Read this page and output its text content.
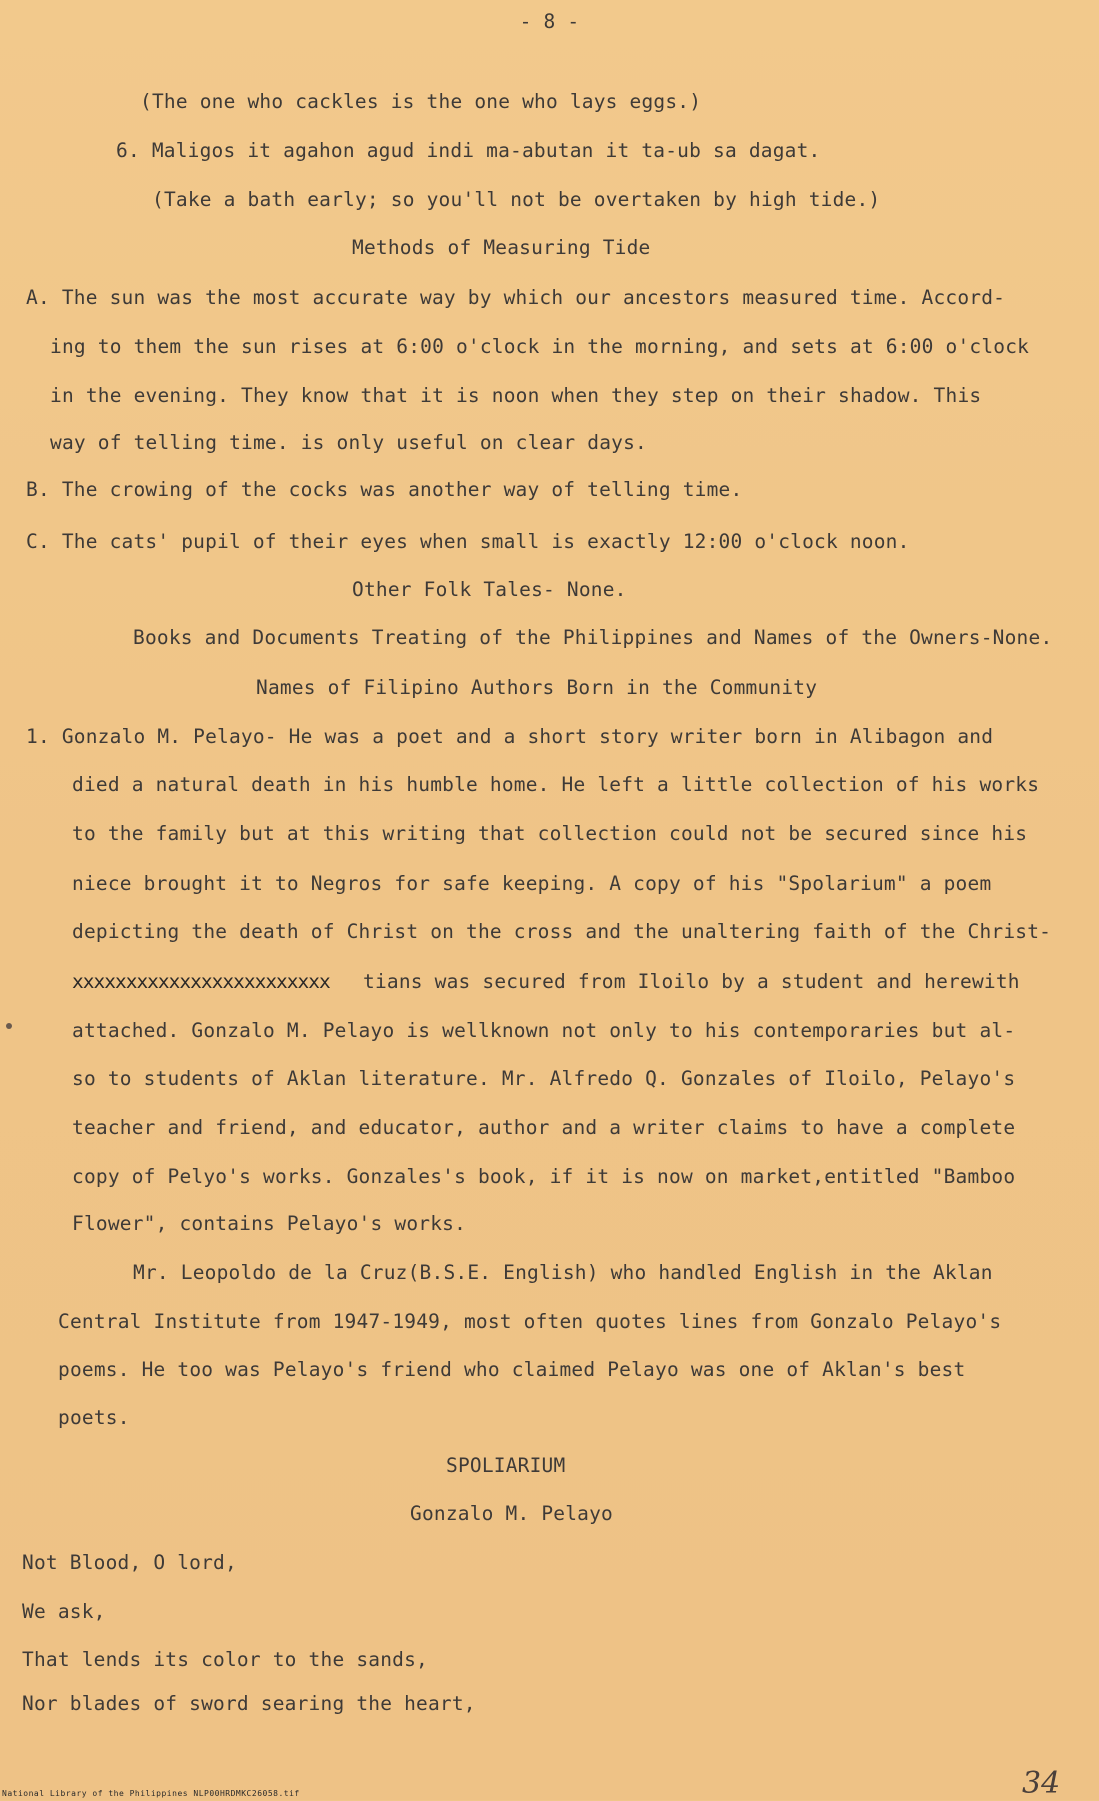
- 8 -
(The one who cackles is the one who lays eggs.)
6. Maligos it agahon agud indi ma-abutan it ta-ub sa dagat.
(Take a bath early; so you'll not be overtaken by high tide.)
Methods of Measuring Tide
A. The sun was the most accurate way by which our ancestors measured time. Accord-
ing to them the sun rises at 6:00 o'clock in the morning, and sets at 6:00 o'clock
in the evening. They know that it is noon when they step on their shadow. This
way of telling time. is only useful on clear days.
B. The crowing of the cocks was another way of telling time.
C. The cats' pupil of their eyes when small is exactly 12:00 o'clock noon.
Other Folk Tales- None.
Books and Documents Treating of the Philippines and Names of the Owners-None.
Names of Filipino Authors Born in the Community
1. Gonzalo M. Pelayo- He was a poet and a short story writer born in Alibagon and
died a natural death in his humble home. He left a little collection of his works
to the family but at this writing that collection could not be secured since his
niece brought it to Negros for safe keeping. A copy of his "Spolarium" a poem
depicting the death of Christ on the cross and the unaltering faith of the Christ-
xxxxxxxxxxxxxxxxxxxxxxxx tians was secured from Iloilo by a student and herewith
attached. Gonzalo M. Pelayo is wellknown not only to his contemporaries but al-
so to students of Aklan literature. Mr. Alfredo Q. Gonzales of Iloilo, Pelayo's
teacher and friend, and educator, author and a writer claims to have a complete
copy of Pelyo's works. Gonzales's book, if it is now on market,entitled "Bamboo
Flower", contains Pelayo's works.
Mr. Leopoldo de la Cruz(B.S.E. English) who handled English in the Aklan
Central Institute from 1947-1949, most often quotes lines from Gonzalo Pelayo's
poems. He too was Pelayo's friend who claimed Pelayo was one of Aklan's best
poets.
SPOLIARIUM
Gonzalo M. Pelayo
Not Blood, O lord,
We ask,
That lends its color to the sands,
Nor blades of sword searing the heart,
34
National Library of the Philippines NLP00HRDMKC26058.tif
